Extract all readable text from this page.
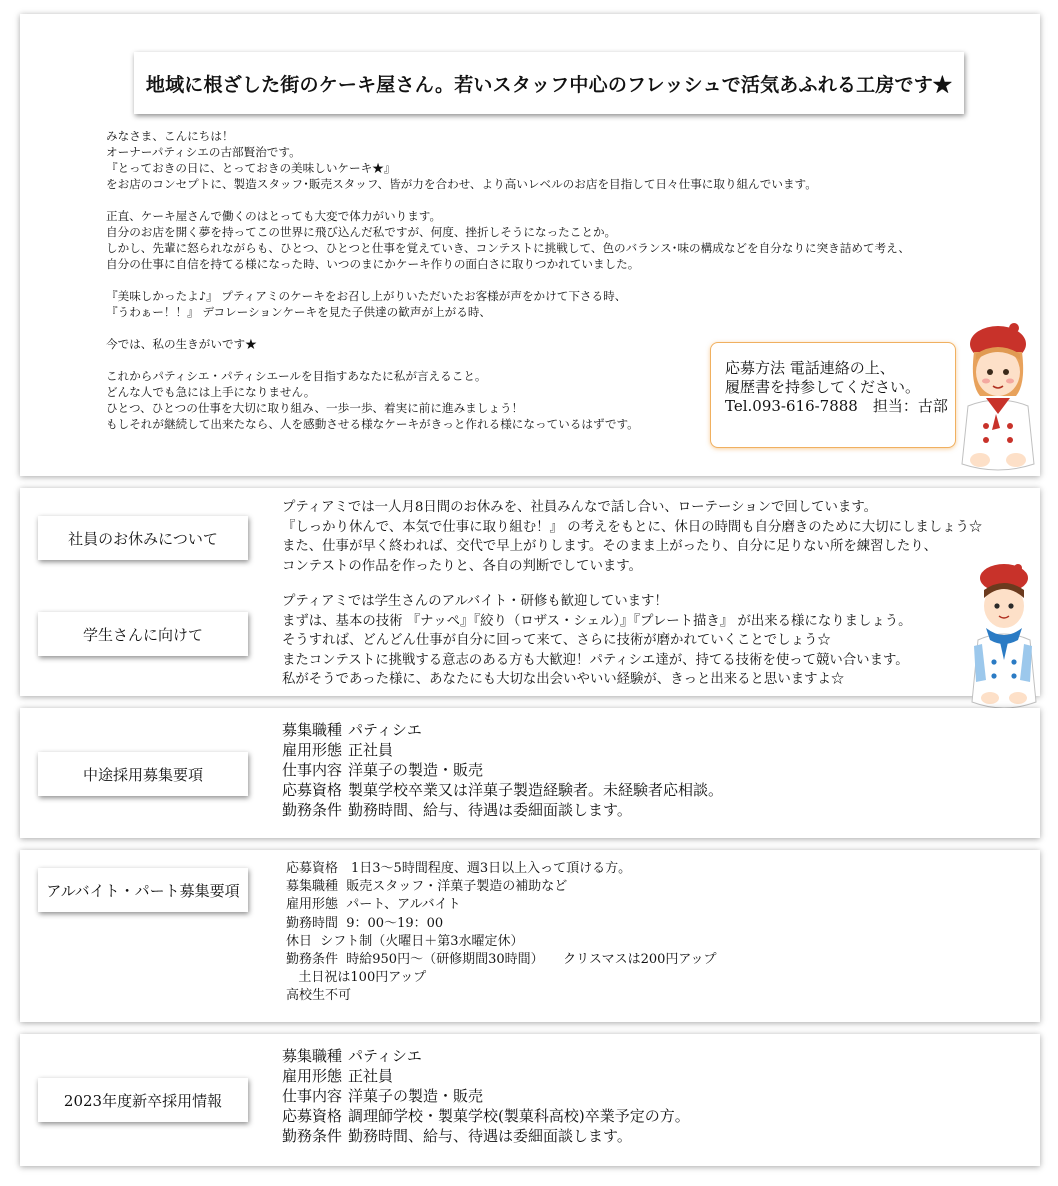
地域に根ざした街のケーキ屋さん。若いスタッフ中心のフレッシュで活気あふれる工房です★

みなさま、こんにちは！

オーナーパティシエの古部賢治です。

『とっておきの日に、とっておきの美味しいケーキ★』

をお店のコンセプトに、製造スタッフ･販売スタッフ、皆が力を合わせ、より高いレベルのお店を目指して日々仕事に取り組んでいます。

正直、ケーキ屋さんで働くのはとっても大変で体力がいります。

自分のお店を開く夢を持ってこの世界に飛び込んだ私ですが、何度、挫折しそうになったことか。

しかし、先輩に怒られながらも、ひとつ、ひとつと仕事を覚えていき、コンテストに挑戦して、色のバランス･味の構成などを自分なりに突き詰めて考え、

自分の仕事に自信を持てる様になった時、いつのまにかケーキ作りの面白さに取りつかれていました。

『美味しかったよ♪』 プティアミのケーキをお召し上がりいただいたお客様が声をかけて下さる時、

『うわぁー！！』 デコレーションケーキを見た子供達の歓声が上がる時、

今では、私の生きがいです★

これからパティシエ・パティシエールを目指すあなたに私が言えること。

どんな人でも急には上手になりません。

ひとつ、ひとつの仕事を大切に取り組み、一歩一歩、着実に前に進みましょう！

もしそれが継続して出来たなら、人を感動させる様なケーキがきっと作れる様になっているはずです。

応募方法 電話連絡の上、
履歴書を持参してください。
Tel.093-616-7888　担当：古部
社員のお休みについて

プティアミでは一人月8日間のお休みを、社員みんなで話し合い、ローテーションで回しています。

『しっかり休んで、本気で仕事に取り組む！』 の考えをもとに、休日の時間も自分磨きのために大切にしましょう☆

また、仕事が早く終われば、交代で早上がりします。そのまま上がったり、自分に足りない所を練習したり、

コンテストの作品を作ったりと、各自の判断でしています。

学生さんに向けて

プティアミでは学生さんのアルバイト・研修も歓迎しています！

まずは、基本の技術 『ナッペ』『絞り（ロザス・シェル）』『プレート描き』 が出来る様になりましょう。

そうすれば、どんどん仕事が自分に回って来て、さらに技術が磨かれていくことでしょう☆

またコンテストに挑戦する意志のある方も大歓迎！パティシエ達が、持てる技術を使って競い合います。

私がそうであった様に、あなたにも大切な出会いやいい経験が、きっと出来ると思いますよ☆

中途採用募集要項

募集職種 パティシエ

雇用形態 正社員

仕事内容 洋菓子の製造・販売

応募資格 製菓学校卒業又は洋菓子製造経験者。未経験者応相談。

勤務条件 勤務時間、給与、待遇は委細面談します。

アルバイト・パート募集要項

応募資格　1日3～5時間程度、週3日以上入って頂ける方。

募集職種  販売スタッフ・洋菓子製造の補助など

雇用形態  パート、アルバイト

勤務時間  9：00～19：00

休日  シフト制（火曜日＋第3水曜定休）

勤務条件  時給950円～（研修期間30時間）　　クリスマスは200円アップ

土日祝は100円アップ

高校生不可

2023年度新卒採用情報

募集職種 パティシエ

雇用形態 正社員

仕事内容 洋菓子の製造・販売

応募資格 調理師学校・製菓学校(製菓科高校)卒業予定の方。

勤務条件 勤務時間、給与、待遇は委細面談します。
